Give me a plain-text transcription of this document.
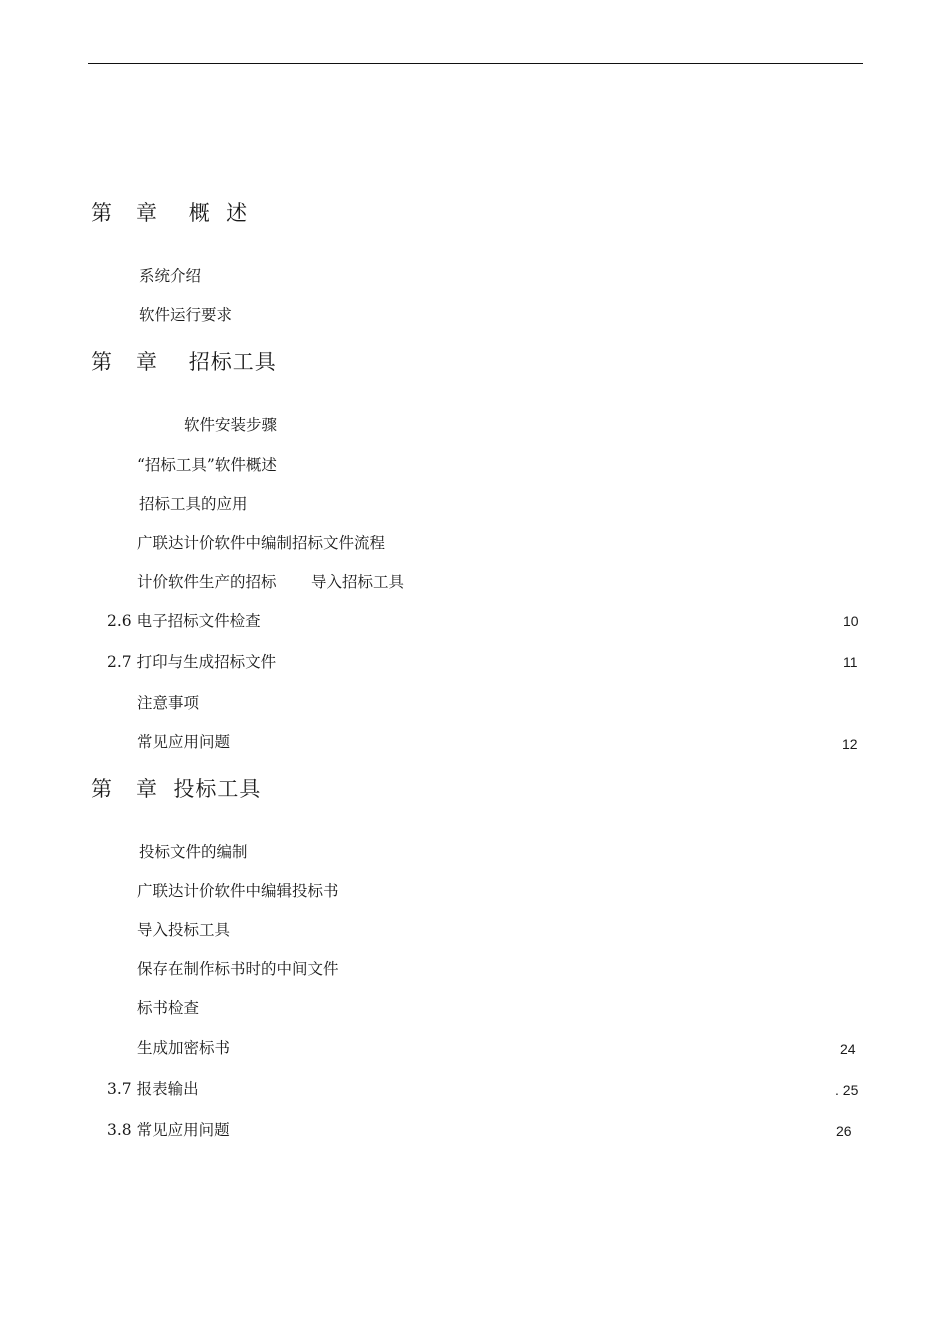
第   章    概  述
系统介绍
软件运行要求
第   章    招标工具
软件安装步骤
“招标工具”软件概述
招标工具的应用
广联达计价软件中编制招标文件流程
计价软件生产的招标       导入招标工具
2.6 电子招标文件检查	10
2.7 打印与生成招标文件	11
注意事项
常见应用问题	12
第   章  投标工具
投标文件的编制
广联达计价软件中编辑投标书
导入投标工具
保存在制作标书时的中间文件
标书检查
生成加密标书	24
3.7 报表输出	. 25
3.8 常见应用问题	26
